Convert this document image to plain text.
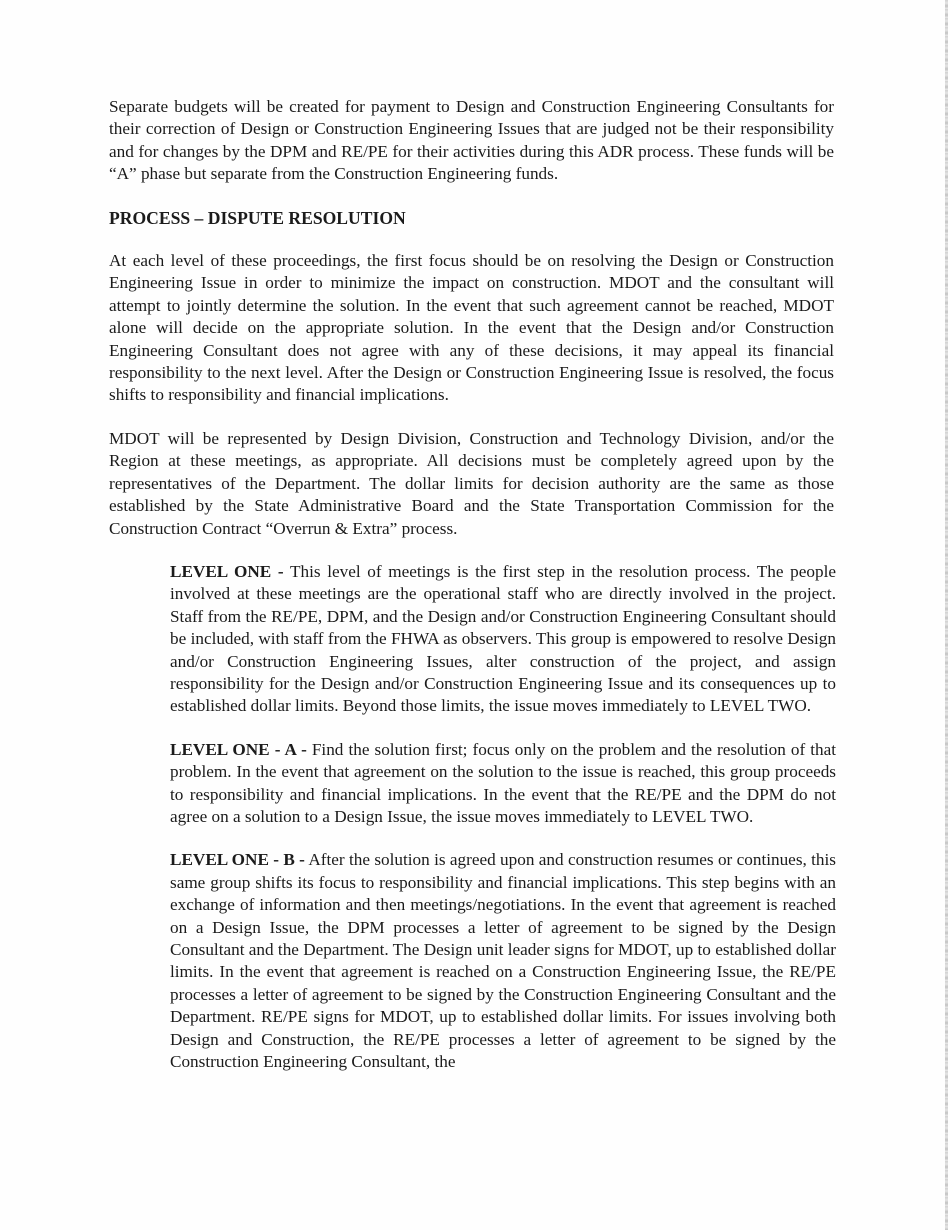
Separate budgets will be created for payment to Design and Construction Engineering Consultants for their correction of Design or Construction Engineering Issues that are judged not be their responsibility and for changes by the DPM and RE/PE for their activities during this ADR process. These funds will be “A” phase but separate from the Construction Engineering funds.

PROCESS – DISPUTE RESOLUTION

At each level of these proceedings, the first focus should be on resolving the Design or Construction Engineering Issue in order to minimize the impact on construction. MDOT and the consultant will attempt to jointly determine the solution. In the event that such agreement cannot be reached, MDOT alone will decide on the appropriate solution. In the event that the Design and/or Construction Engineering Consultant does not agree with any of these decisions, it may appeal its financial responsibility to the next level. After the Design or Construction Engineering Issue is resolved, the focus shifts to responsibility and financial implications.

MDOT will be represented by Design Division, Construction and Technology Division, and/or the Region at these meetings, as appropriate. All decisions must be completely agreed upon by the representatives of the Department. The dollar limits for decision authority are the same as those established by the State Administrative Board and the State Transportation Commission for the Construction Contract “Overrun & Extra” process.

LEVEL ONE - This level of meetings is the first step in the resolution process. The people involved at these meetings are the operational staff who are directly involved in the project. Staff from the RE/PE, DPM, and the Design and/or Construction Engineering Consultant should be included, with staff from the FHWA as observers. This group is empowered to resolve Design and/or Construction Engineering Issues, alter construction of the project, and assign responsibility for the Design and/or Construction Engineering Issue and its consequences up to established dollar limits. Beyond those limits, the issue moves immediately to LEVEL TWO.

LEVEL ONE - A - Find the solution first; focus only on the problem and the resolution of that problem. In the event that agreement on the solution to the issue is reached, this group proceeds to responsibility and financial implications. In the event that the RE/PE and the DPM do not agree on a solution to a Design Issue, the issue moves immediately to LEVEL TWO.

LEVEL ONE - B - After the solution is agreed upon and construction resumes or continues, this same group shifts its focus to responsibility and financial implications. This step begins with an exchange of information and then meetings/negotiations. In the event that agreement is reached on a Design Issue, the DPM processes a letter of agreement to be signed by the Design Consultant and the Department. The Design unit leader signs for MDOT, up to established dollar limits. In the event that agreement is reached on a Construction Engineering Issue, the RE/PE processes a letter of agreement to be signed by the Construction Engineering Consultant and the Department. RE/PE signs for MDOT, up to established dollar limits. For issues involving both Design and Construction, the RE/PE processes a letter of agreement to be signed by the Construction Engineering Consultant, the
